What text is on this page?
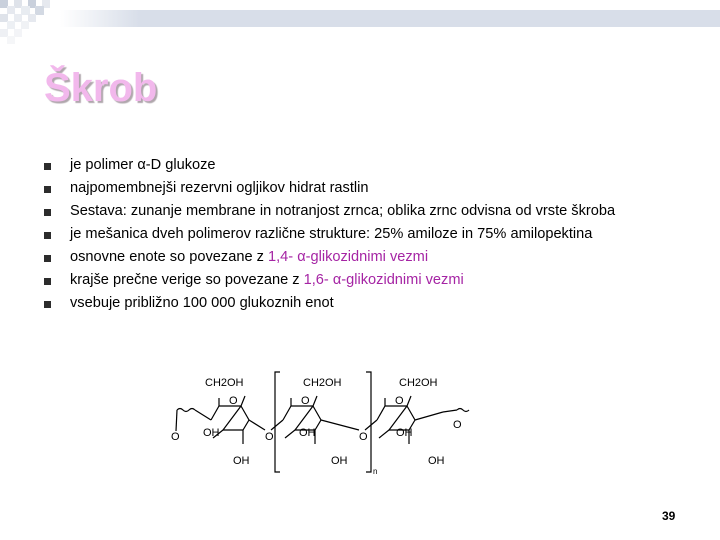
Škrob
je polimer α-D glukoze
najpomembnejši rezervni ogljikov hidrat rastlin
Sestava: zunanje membrane in notranjost zrnca; oblika zrnc odvisna od vrste škroba
je mešanica dveh polimerov različne strukture: 25% amiloze in 75% amilopektina
osnovne enote so povezane z 1,4- α-glikozidnimi vezmi
krajše prečne verige so povezane z 1,6- α-glikozidnimi vezmi
vsebuje približno 100 000 glukoznih enot
CH2OH	CH2OH	CH2OH
O	O	O
O	O	O
O
OH	OH	OH
OH	OH	OH
n
39
